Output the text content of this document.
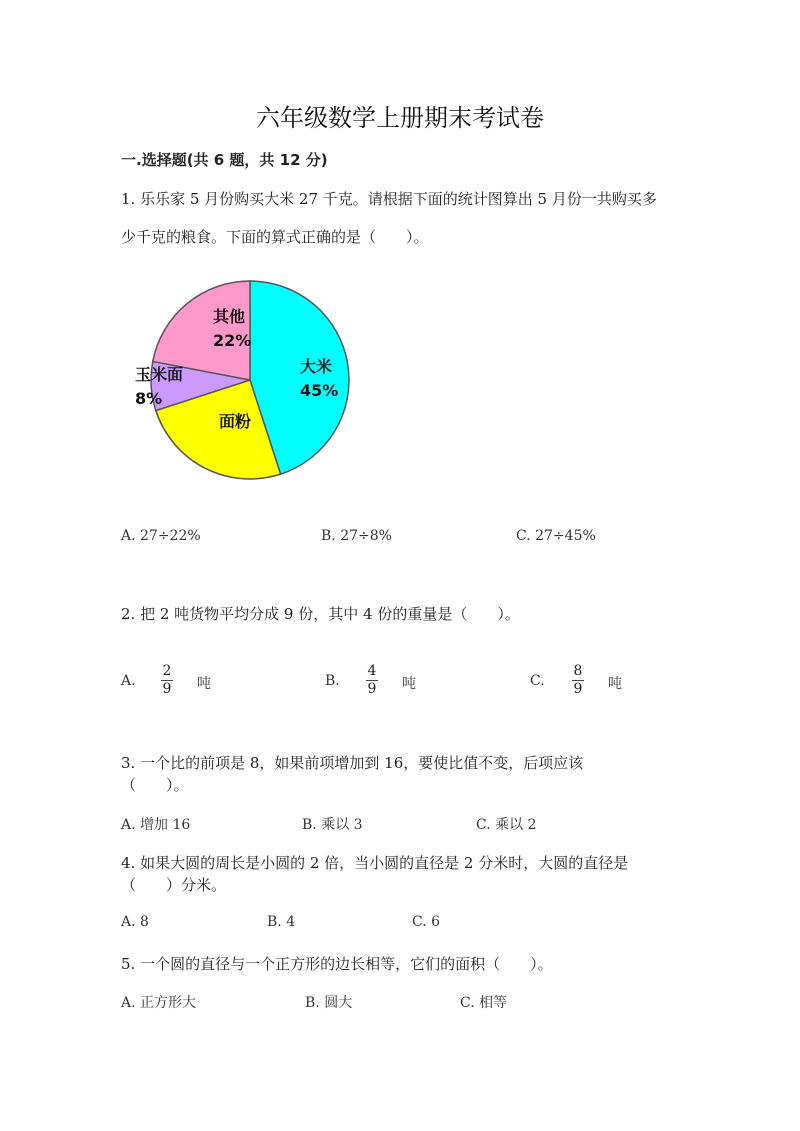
六年级数学上册期末考试卷
一.选择题(共 6 题，共 12 分)
1. 乐乐家 5 月份购买大米 27 千克。请根据下面的统计图算出 5 月份一共购买多
少千克的粮食。下面的算式正确的是（　　）。
大米
45%
面粉
玉米面
8%
其他
22%
A. 27÷22%	B. 27÷8%	C. 27÷45%
2. 把 2 吨货物平均分成 9 份，其中 4 份的重量是（　　）。
A.
2
9 吨	B.
4
9 吨	C.
8
9 吨
3. 一个比的前项是 8，如果前项增加到 16，要使比值不变，后项应该
（　　）。
A. 增加 16	B. 乘以 3	C. 乘以 2
4. 如果大圆的周长是小圆的 2 倍，当小圆的直径是 2 分米时，大圆的直径是
（　　）分米。
A. 8	B. 4	C. 6
5. 一个圆的直径与一个正方形的边长相等，它们的面积（　　）。
A. 正方形大	B. 圆大	C. 相等
